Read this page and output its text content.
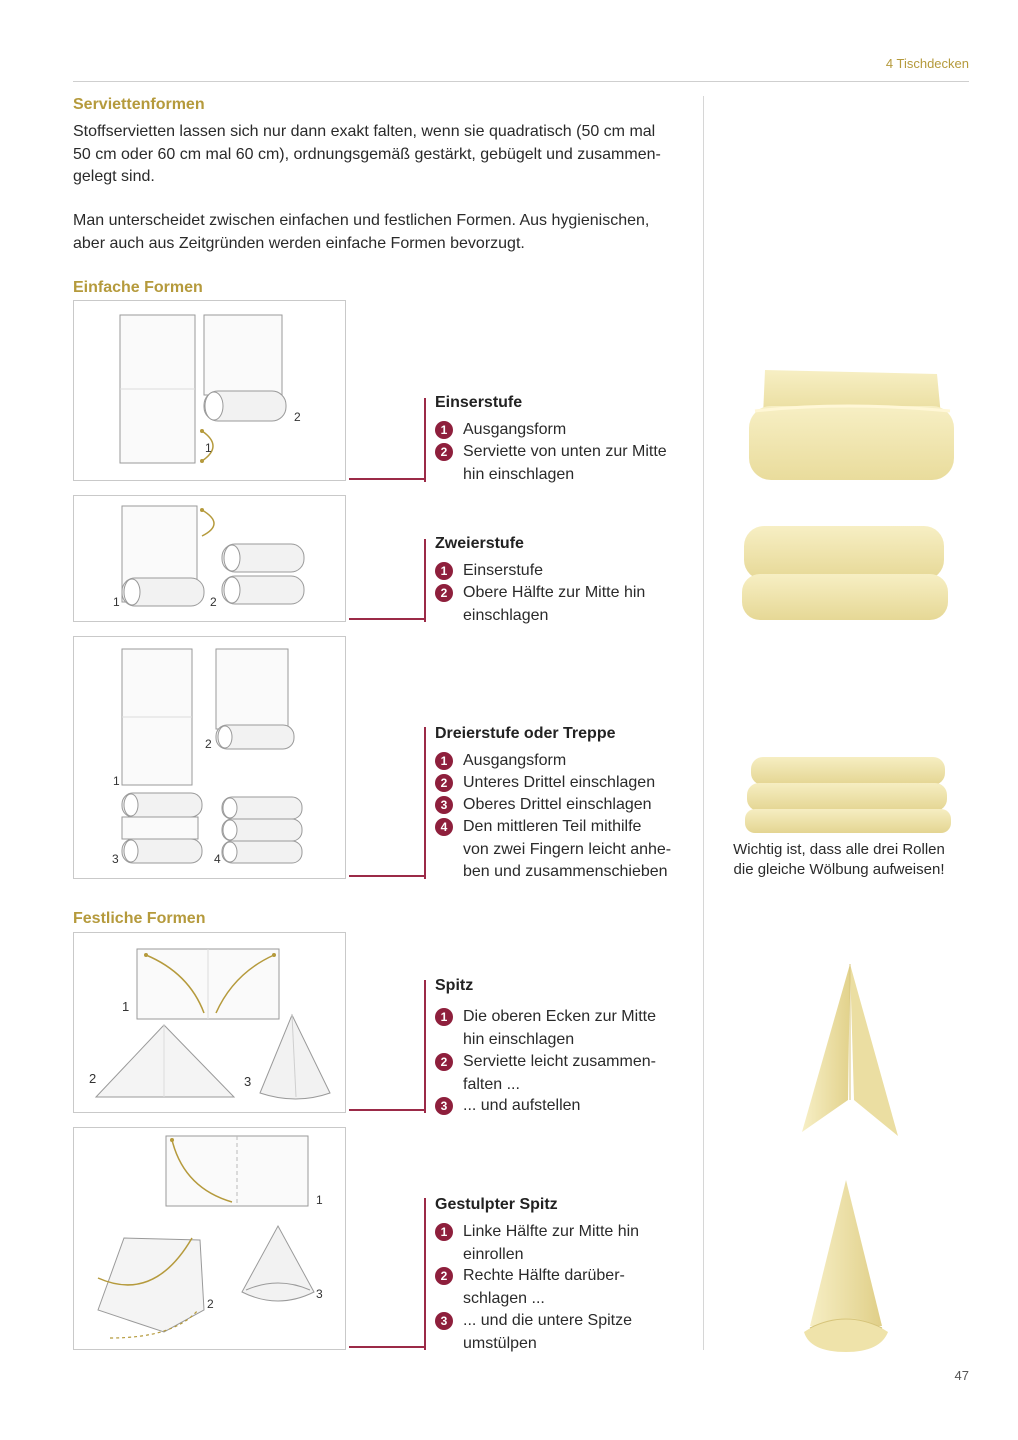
4 Tischdecken
Serviettenformen
Stoffservietten lassen sich nur dann exakt falten, wenn sie quadratisch (50 cm mal
50 cm oder 60 cm mal 60 cm), ordnungsgemäß gestärkt, gebügelt und zusammen-
gelegt sind.
Man unterscheidet zwischen einfachen und festlichen Formen. Aus hygienischen,
aber auch aus Zeitgründen werden einfache Formen bevorzugt.
Einfache Formen
1
2
Einserstufe
1 Ausgangsform
2 Serviette von unten zur Mitte
hin einschlagen
1	2
Zweierstufe
1 Einserstufe
2 Obere Hälfte zur Mitte hin
einschlagen
1
2
3	4
Dreierstufe oder Treppe
1 Ausgangsform
2 Unteres Drittel einschlagen
3 Oberes Drittel einschlagen
4 Den mittleren Teil mithilfe
von zwei Fingern leicht anhe-
ben und zusammenschieben
Wichtig ist, dass alle drei Rollen
die gleiche Wölbung aufweisen!
Festliche Formen
1
2	3
Spitz
1 Die oberen Ecken zur Mitte
hin einschlagen
2 Serviette leicht zusammen-
falten ...
3 ... und aufstellen
1
2
3
Gestulpter Spitz
1 Linke Hälfte zur Mitte hin
einrollen
2 Rechte Hälfte darüber-
schlagen ...
3 ... und die untere Spitze
umstülpen
47
